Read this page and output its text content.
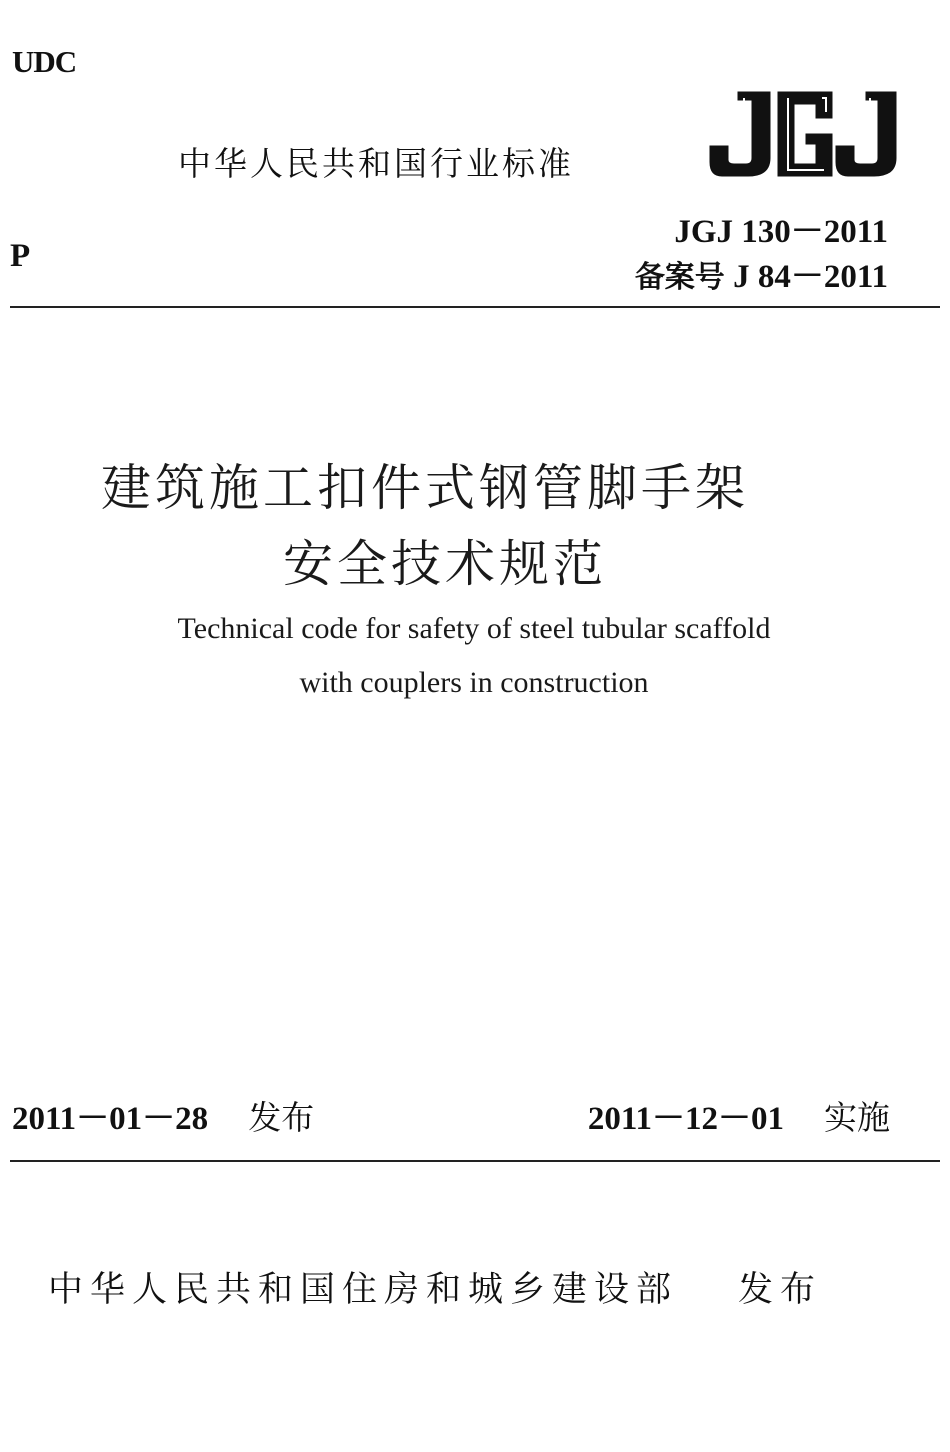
UDC
中华人民共和国行业标准
JGJ 130－2011
备案号 J 84－2011
P
建筑施工扣件式钢管脚手架
安全技术规范
Technical code for safety of steel tubular scaffold
with couplers in construction
2011－01－28 发布	2011－12－01 实施
中华人民共和国住房和城乡建设部 发布
